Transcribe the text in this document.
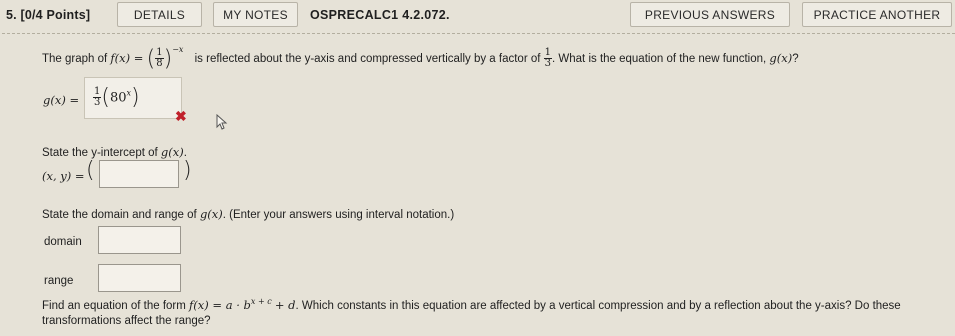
5. [0/4 Points]	DETAILS	MY NOTES	OSPRECALC1 4.2.072.	PREVIOUS ANSWERS	PRACTICE ANOTHER
The graph of f(x) = ( $\frac{1}{8} )^{-x}$ is reflected about the y-axis and compressed vertically by a factor of $\frac{1}{3}$ . What is the equation of the new function, g(x)?
$g(x) = \frac{1}{3} (80^x)$
✖
State the y-intercept of g(x).
(x, y) = (	)
State the domain and range of g(x). (Enter your answers using interval notation.)
domain
range
Find an equation of the form $f(x) = a \cdot b^{x + c} + d$. Which constants in this equation are affected by a vertical compression and by a reflection about the y-axis? Do these
transformations affect the range?
